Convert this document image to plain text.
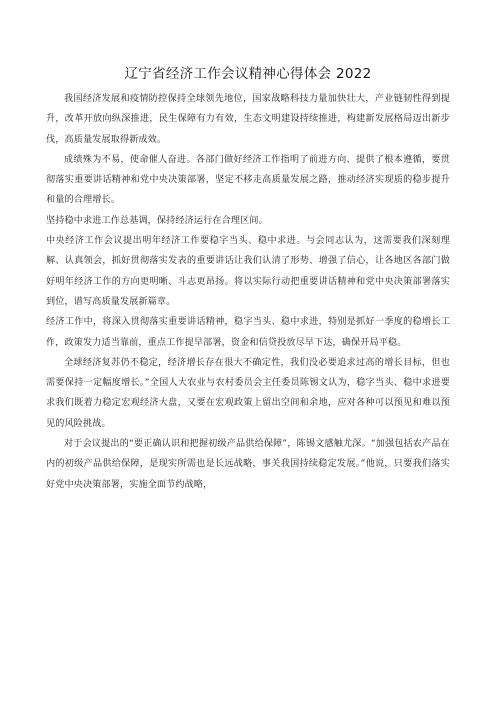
辽宁省经济工作会议精神心得体会 2022

我国经济发展和疫情防控保持全球领先地位，国家战略科技力量加快壮大，产业链韧性得到提升，改革开放向纵深推进，民生保障有力有效，生态文明建设持续推进，构建新发展格局迈出新步伐，高质量发展取得新成效。

成绩殊为不易，使命催人奋进。各部门做好经济工作指明了前进方向、提供了根本遵循，要贯彻落实重要讲话精神和党中央决策部署，坚定不移走高质量发展之路，推动经济实现质的稳步提升和量的合理增长。

坚持稳中求进工作总基调，保持经济运行在合理区间。

中央经济工作会议提出明年经济工作要稳字当头、稳中求进。与会同志认为，这需要我们深刻理解、认真领会，抓好贯彻落实发表的重要讲话让我们认清了形势、增强了信心，让各地区各部门做好明年经济工作的方向更明晰、斗志更昂扬。将以实际行动把重要讲话精神和党中央决策部署落实到位，谱写高质量发展新篇章。

经济工作中，将深入贯彻落实重要讲话精神，稳字当头、稳中求进，特别是抓好一季度的稳增长工作，政策发力适当靠前，重点工作提早部署，资金和信贷投放尽早下达，确保开局平稳。

全球经济复苏仍不稳定，经济增长存在很大不确定性，我们没必要追求过高的增长目标，但也需要保持一定幅度增长。”全国人大农业与农村委员会主任委员陈锡文认为，稳字当头、稳中求进要求我们既着力稳定宏观经济大盘，又要在宏观政策上留出空间和余地，应对各种可以预见和难以预见的风险挑战。

对于会议提出的“要正确认识和把握初级产品供给保障”，陈锡文感触尤深。“加强包括农产品在内的初级产品供给保障，是现实所需也是长远战略，事关我国持续稳定发展。”他说，只要我们落实好党中央决策部署，实施全面节约战略，
